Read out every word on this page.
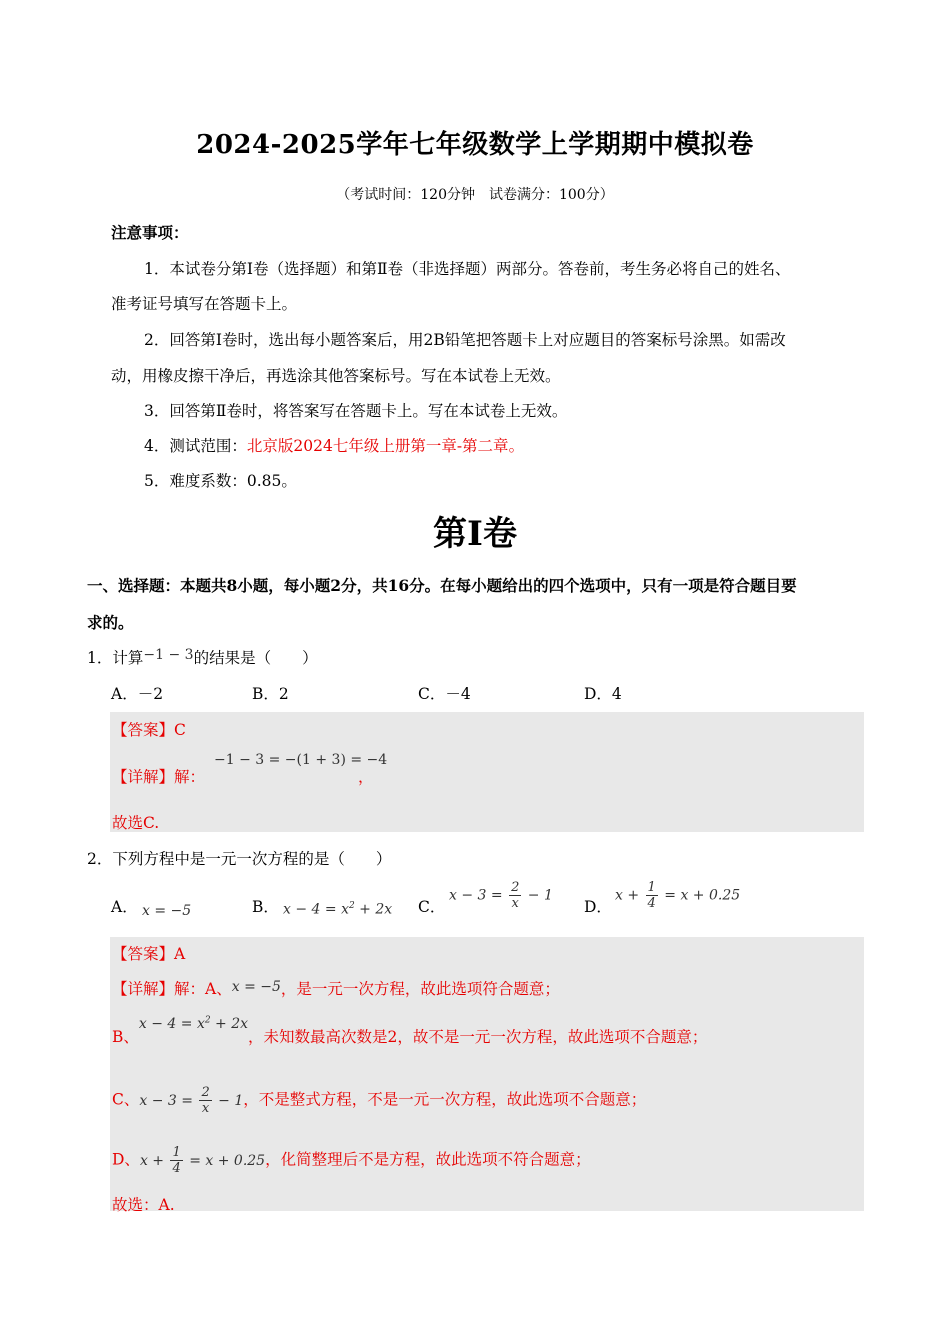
2024-2025学年七年级数学上学期期中模拟卷
（考试时间：120分钟　试卷满分：100分）
注意事项：
1．本试卷分第Ⅰ卷（选择题）和第Ⅱ卷（非选择题）两部分。答卷前，考生务必将自己的姓名、
准考证号填写在答题卡上。
2．回答第Ⅰ卷时，选出每小题答案后，用2B铅笔把答题卡上对应题目的答案标号涂黑。如需改
动，用橡皮擦干净后，再选涂其他答案标号。写在本试卷上无效。
3．回答第Ⅱ卷时，将答案写在答题卡上。写在本试卷上无效。
4．测试范围：北京版2024七年级上册第一章-第二章。
5．难度系数：0.85。
第Ⅰ卷
一、选择题：本题共8小题，每小题2分，共16分。在每小题给出的四个选项中，只有一项是符合题目要
求的。
1．计算−1 − 3的结果是（　　）
A．－2	B．2	C．－4	D．4
【答案】C
【详解】解：
−1 − 3 = −(1 + 3) = −4
，
故选C.
2．下列方程中是一元一次方程的是（　　）
A． x = −5	B． $x - 4 = x^2 + 2x$ C．
$x - 3 = \frac{2}{x} - 1$
D．
$x + \frac{1}{4} = x + 0.25$
【答案】A
【详解】解：A、x = −5，是一元一次方程，故此选项符合题意；
B、$x - 4 = x^2 + 2x$，未知数最高次数是2，故不是一元一次方程，故此选项不合题意；
C、$x - 3 = \frac{2}{x} - 1$，不是整式方程，不是一元一次方程，故此选项不合题意；
D、$x + \frac{1}{4} = x + 0.25$，化简整理后不是方程，故此选项不符合题意；
故选：A.
